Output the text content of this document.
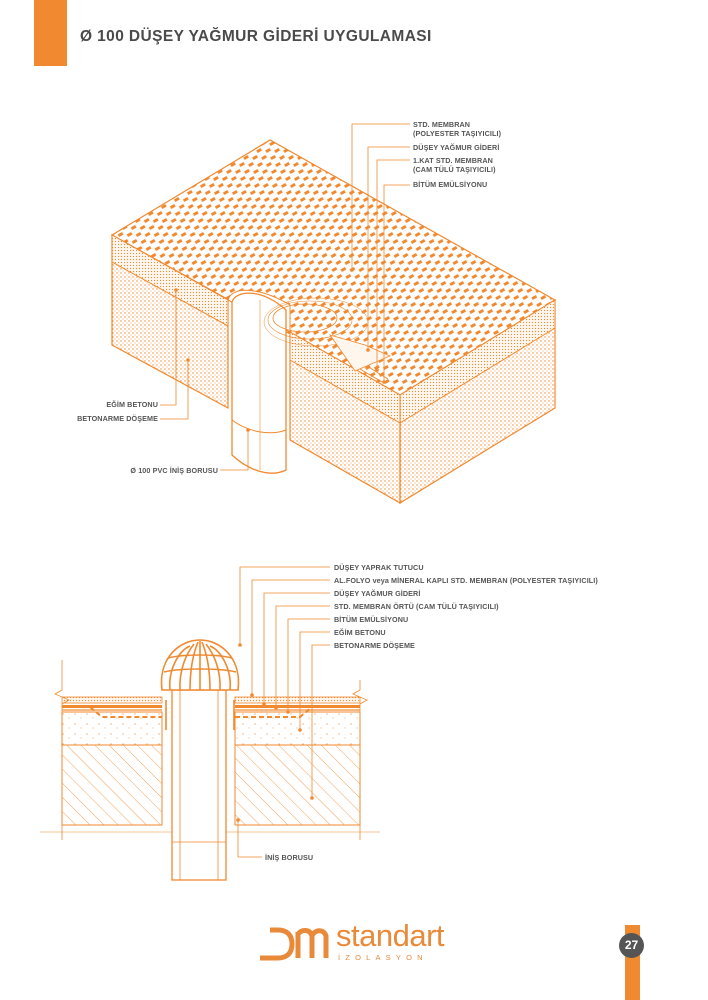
Ø 100 DÜŞEY YAĞMUR GİDERİ UYGULAMASI
STD. MEMBRAN
(POLYESTER TAŞIYICILI)
DÜŞEY YAĞMUR GİDERİ
1.KAT STD. MEMBRAN
(CAM TÜLÜ TAŞIYICILI)
BİTÜM EMÜLSİYONU
EĞİM BETONU
BETONARME DÖŞEME
Ø 100 PVC İNİŞ BORUSU
DÜŞEY YAPRAK TUTUCU
AL.FOLYO veya MİNERAL KAPLI STD. MEMBRAN (POLYESTER TAŞIYICILI)
DÜŞEY YAĞMUR GİDERİ
STD. MEMBRAN ÖRTÜ (CAM TÜLÜ TAŞIYICILI)
BİTÜM EMÜLSİYONU
EĞİM BETONU
BETONARME DÖŞEME
İNİŞ BORUSU
standart
İZOLASYON
27
